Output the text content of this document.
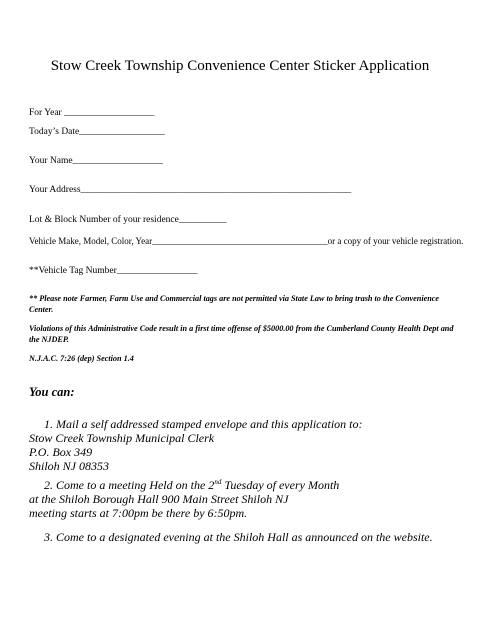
Stow Creek Township Convenience Center Sticker Application
For Year ___________________
Today’s Date__________________
Your Name___________________
Your Address_________________________________________________________
Lot & Block Number of your residence__________
Vehicle Make, Model, Color, Year_______________________________________or a copy of your vehicle registration.
**Vehicle Tag Number_________________
** Please note Farmer, Farm Use and Commercial tags are not permitted via State Law to bring trash to the Convenience Center.
Violations of this Administrative Code result in a first time offense of $5000.00 from the Cumberland County Health Dept and the NJDEP.
N.J.A.C. 7:26 (dep) Section 1.4
You can:
1. Mail a self addressed stamped envelope and this application to:
Stow Creek Township Municipal Clerk
P.O. Box 349
Shiloh NJ 08353
2. Come to a meeting Held on the 2nd Tuesday of every Month
at the Shiloh Borough Hall 900 Main Street Shiloh NJ
meeting starts at 7:00pm be there by 6:50pm.
3. Come to a designated evening at the Shiloh Hall as announced on the website.
